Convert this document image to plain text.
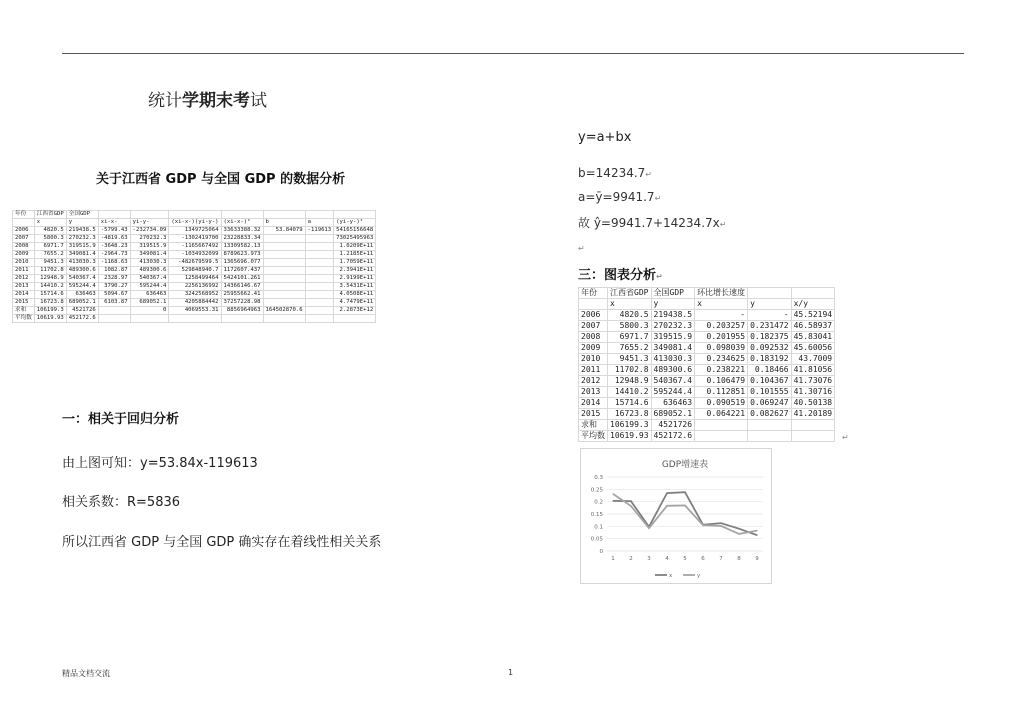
统计学期末考试
关于江西省 GDP 与全国 GDP 的数据分析
年份	江西省GDP	全国GDP							
	x	y	xi-x-	yi-y-	(xi-x-)(yi-y-)	(xi-x-)²	b	a	(yi-y-)²
2006	4820.5	219438.5	-5799.43	-232734.09	1349725064	33633388.32	53.84079	-119613	54165156648
2007	5800.3	270232.3	-4819.63	270232.3	-1302419700	23228833.34			73025495963
2008	6971.7	319515.9	-3648.23	319515.9	-1165667492	13309582.13			1.0209E+11
2009	7655.2	349081.4	-2964.73	349081.4	-1034932099	8789623.973			1.2185E+11
2010	9451.3	413030.3	-1168.63	413030.3	-482679599.5	1365696.077			1.7059E+11
2011	11702.8	489300.6	1082.87	489300.6	529848940.7	1172607.437			2.3941E+11
2012	12948.9	540367.4	2328.97	540367.4	1258499464	5424101.261			2.9199E+11
2013	14410.2	595244.4	3790.27	595244.4	2256136992	14366146.67			3.5431E+11
2014	15714.6	636463	5094.67	636463	3242568952	25955662.41			4.0508E+11
2015	16723.8	689052.1	6103.87	689052.1	4205884442	37257228.98			4.7479E+11
求和	106199.3	4521726		0	4069553.31	8856964963	164502870.6		2.2873E+12
平均数	10619.93	452172.6							
一：相关于回归分析
由上图可知：y=53.84x-119613
相关系数：R=5836
所以江西省 GDP 与全国 GDP 确实存在着线性相关关系
y=a+bx
b=14234.7↵
a=ȳ=9941.7↵
故 ŷ=9941.7+14234.7x↵
↵
三：图表分析↵
年份	江西省GDP	全国GDP	环比增长速度		
	x	y	x	y	x/y
2006	4820.5	219438.5	-	-	45.52194
2007	5800.3	270232.3	0.203257	0.231472	46.58937
2008	6971.7	319515.9	0.201955	0.182375	45.83041
2009	7655.2	349081.4	0.098039	0.092532	45.60056
2010	9451.3	413030.3	0.234625	0.183192	43.7009
2011	11702.8	489300.6	0.238221	0.18466	41.81056
2012	12948.9	540367.4	0.106479	0.104367	41.73076
2013	14410.2	595244.4	0.112851	0.101555	41.30716
2014	15714.6	636463	0.090519	0.069247	40.50138
2015	16723.8	689052.1	0.064221	0.082627	41.20189
求和	106199.3	4521726			
平均数	10619.93	452172.6				↵
GDP增速表
0
0.05
0.1
0.15
0.2
0.25
0.3
1	2	3	4	5	6	7	8	9
x	y
精品文档交流	1
